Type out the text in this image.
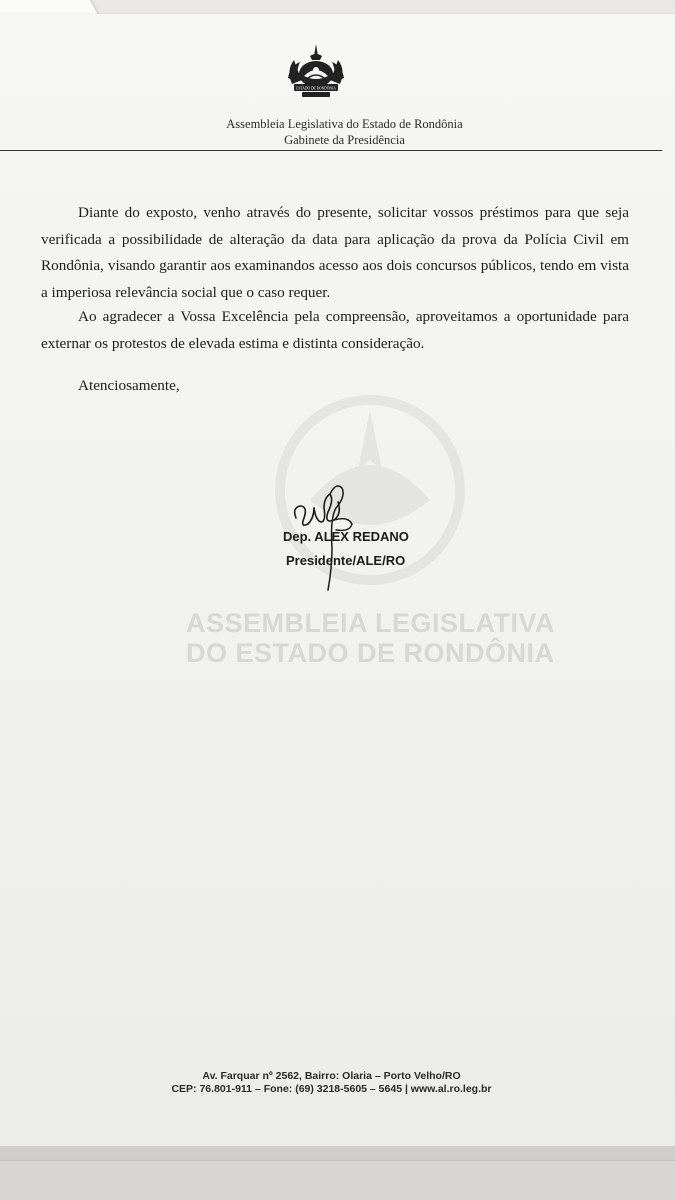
ESTADO DE RONDÔNIA
Assembleia Legislativa do Estado de Rondônia
Gabinete da Presidência

Diante do exposto, venho através do presente, solicitar vossos préstimos para que seja verificada a possibilidade de alteração da data para aplicação da prova da Polícia Civil em Rondônia, visando garantir aos examinandos acesso aos dois concursos públicos, tendo em vista a imperiosa relevância social que o caso requer.

Ao agradecer a Vossa Excelência pela compreensão, aproveitamos a oportunidade para externar os protestos de elevada estima e distinta consideração.

Atenciosamente,
ASSEMBLEIA LEGISLATIVA
DO ESTADO DE RONDÔNIA
Dep. ALEX REDANO
Presidente/ALE/RO
Av. Farquar nº 2562, Bairro: Olaria – Porto Velho/RO
CEP: 76.801-911 – Fone: (69) 3218-5605 – 5645 | www.al.ro.leg.br
